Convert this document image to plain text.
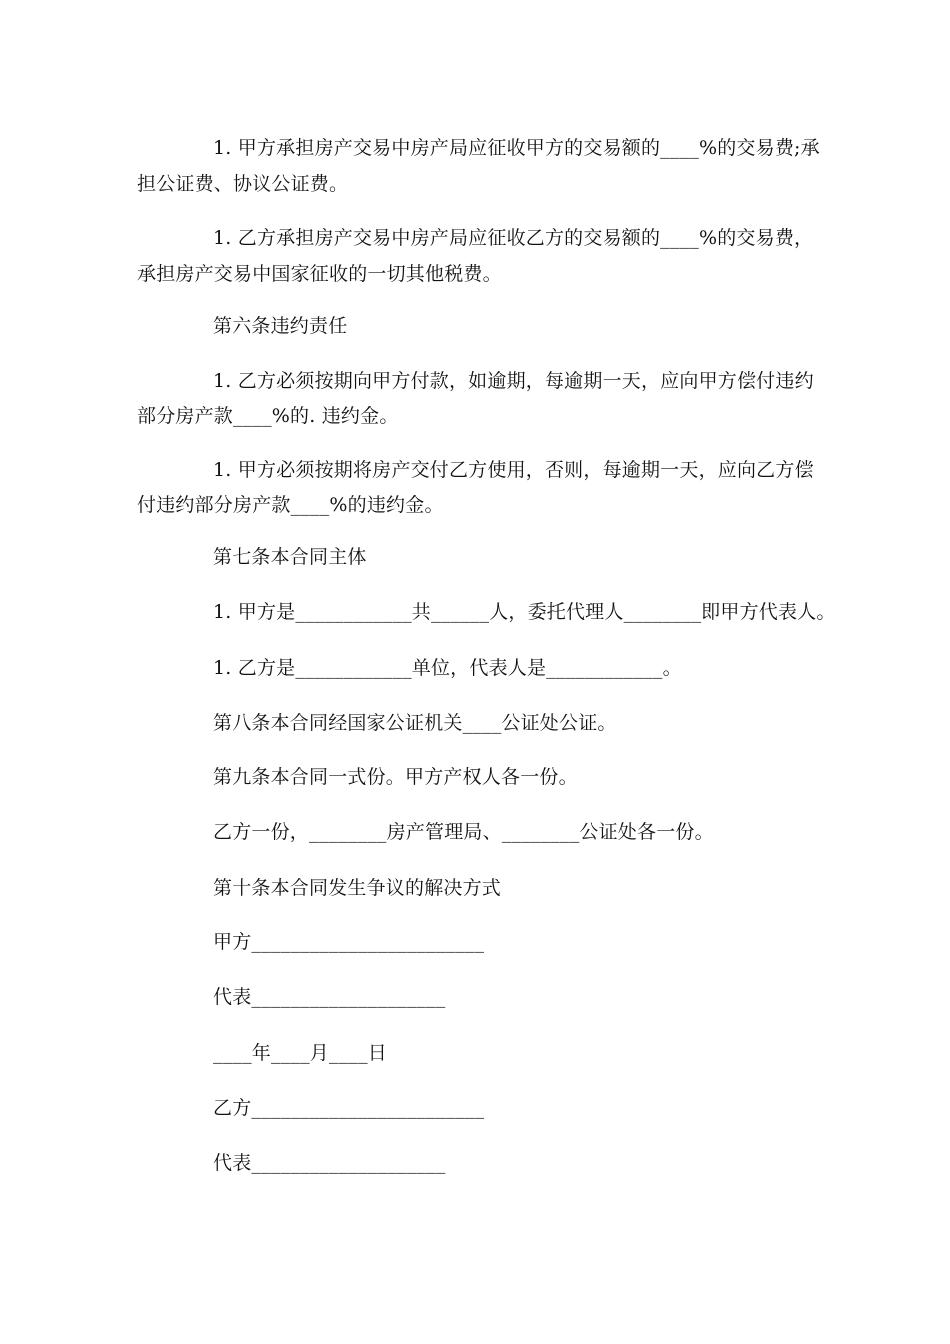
1. 甲方承担房产交易中房产局应征收甲方的交易额的____%的交易费;承
担公证费、协议公证费。
1. 乙方承担房产交易中房产局应征收乙方的交易额的____%的交易费，
承担房产交易中国家征收的一切其他税费。
第六条违约责任
1. 乙方必须按期向甲方付款，如逾期，每逾期一天，应向甲方偿付违约
部分房产款____%的. 违约金。
1. 甲方必须按期将房产交付乙方使用，否则，每逾期一天，应向乙方偿
付违约部分房产款____%的违约金。
第七条本合同主体
1. 甲方是____________共______人，委托代理人________即甲方代表人。
1. 乙方是____________单位，代表人是____________。
第八条本合同经国家公证机关____公证处公证。
第九条本合同一式份。甲方产权人各一份。
乙方一份，________房产管理局、________公证处各一份。
第十条本合同发生争议的解决方式
甲方________________________
代表____________________
____年____月____日
乙方________________________
代表____________________
